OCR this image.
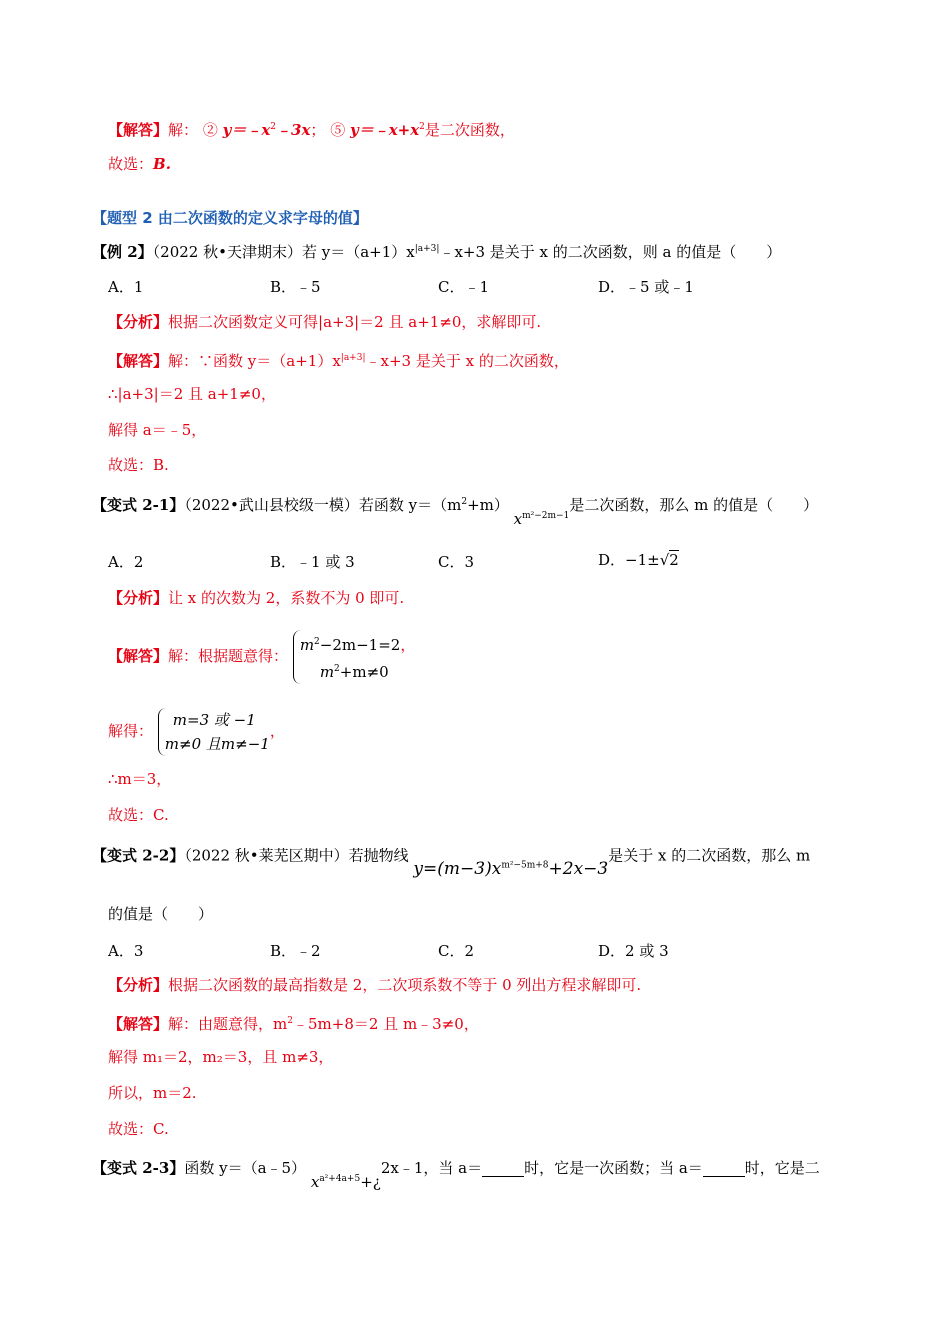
【解答】解： ② $y=﹣x^2﹣3x$； ⑤ $y=﹣x+x^2$是二次函数，
故选：B.
【题型 2 由二次函数的定义求字母的值】
【例 2】（2022 秋•天津期末）若 $y=(a+1)x^{|a+3|}﹣x+3$ 是关于 x 的二次函数，则 a 的值是（　　）
A．1	B．﹣5	C．﹣1	D．﹣5 或﹣1
【分析】根据二次函数定义可得|a+3|＝2 且 a+1≠0，求解即可.
【解答】解：∵函数 $y=(a+1)x^{|a+3|}﹣x+3$ 是关于 x 的二次函数，
∴|a+3|＝2 且 a+1≠0，
解得 a＝﹣5，
故选：B.
【变式 2-1】（2022•武山县校级一模）若函数 $y=(m^2+m)$ $x^{m^2-2m-1}$是二次函数，那么 m 的值是（　　）
A．2	B．﹣1 或 3	C．3	D．−1±√2
【分析】让 x 的次数为 2，系数不为 0 即可.
【解答】解：根据题意得：
$m^2-2m-1=2$，
$m^2+m\ne 0$
解得：
m=3 或 −1
m≠0 且m≠−1
，
∴m＝3，
故选：C.
【变式 2-2】（2022 秋•莱芜区期中）若抛物线 $y=(m-3)x^{m^2-5m+8}+2x-3$是关于 x 的二次函数，那么 m
的值是（　　）
A．3	B．﹣2	C．2	D．2 或 3
【分析】根据二次函数的最高指数是 2，二次项系数不等于 0 列出方程求解即可.
【解答】解：由题意得，$m^2﹣5m+8=2$ 且 m﹣3≠0，
解得 m₁＝2，m₂＝3，且 m≠3，
所以，m＝2.
故选：C.
【变式 2-3】函数 y＝（a﹣5） $x^{a^2+4a+5}+¿2x﹣1$，当 a＝	时，它是一次函数；当 a＝	时，它是二
